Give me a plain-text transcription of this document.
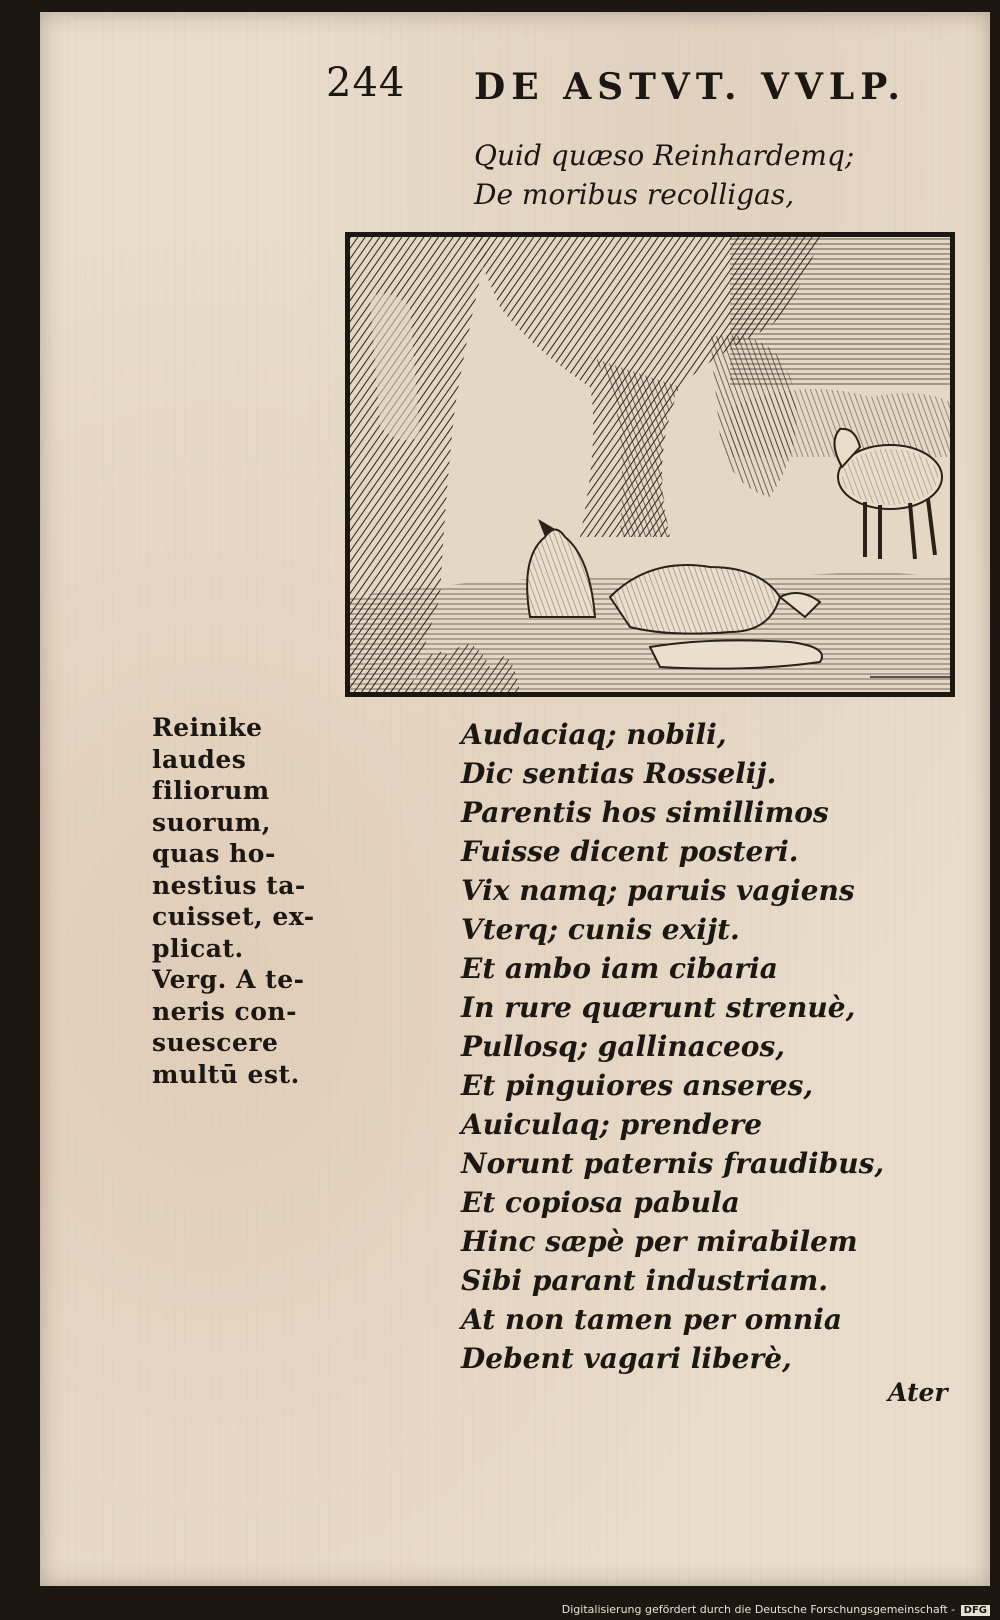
244 DE ASTVT. VVLP.
Quid quæso Reinhardemq;
De moribus recolligas,
Reinike
laudes
filiorum
suorum,
quas ho-
nestius ta-
cuisset, ex-
plicat.
Verg. A te-
neris con-
suescere
multū est.
Audaciaq; nobili,
Dic sentias Rosselij.
Parentis hos simillimos
Fuisse dicent posteri.
Vix namq; paruis vagiens
Vterq; cunis exijt.
Et ambo iam cibaria
In rure quærunt strenuè,
Pullosq; gallinaceos,
Et pinguiores anseres,
Auiculaq; prendere
Norunt paternis fraudibus,
Et copiosa pabula
Hinc sæpè per mirabilem
Sibi parant industriam.
At non tamen per omnia
Debent vagari liberè,
Ater
Digitalisierung gefördert durch die Deutsche Forschungsgemeinschaft - DFG
